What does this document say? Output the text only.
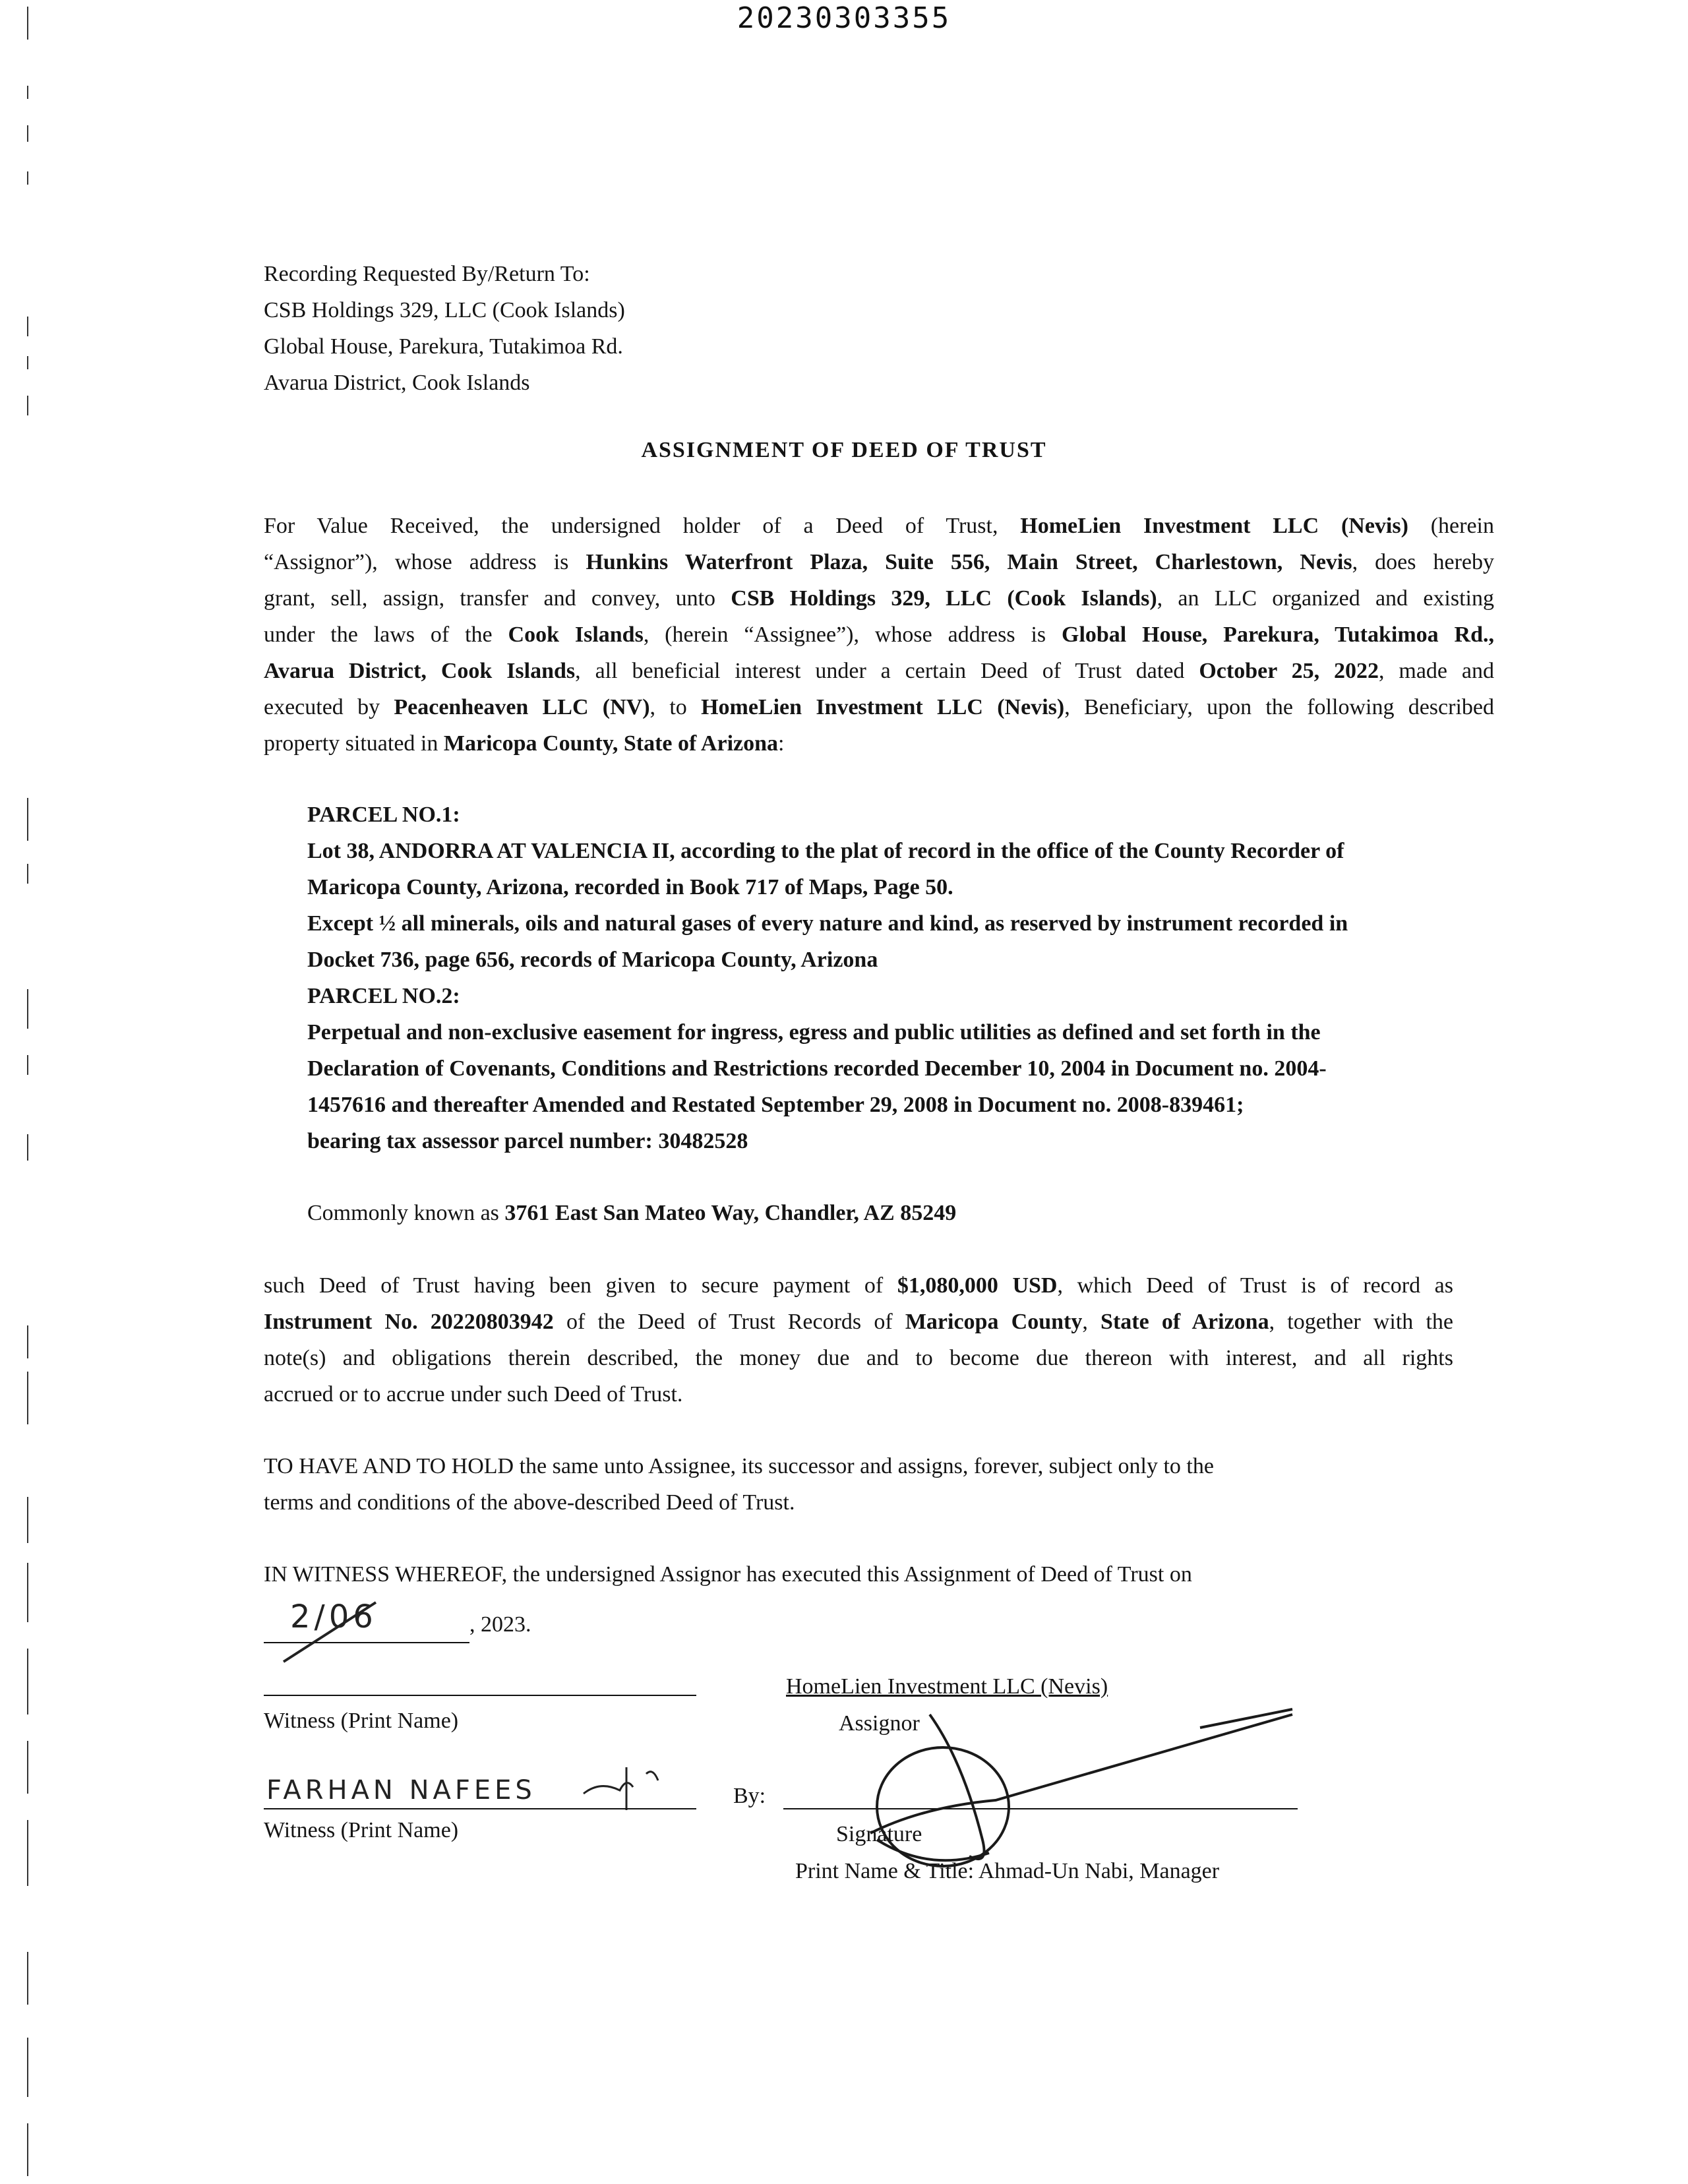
20230303355
Recording Requested By/Return To:
CSB Holdings 329, LLC (Cook Islands)
Global House, Parekura, Tutakimoa Rd.
Avarua District, Cook Islands
ASSIGNMENT OF DEED OF TRUST
For Value Received, the undersigned holder of a Deed of Trust, HomeLien Investment LLC (Nevis) (herein
“Assignor”), whose address is Hunkins Waterfront Plaza, Suite 556, Main Street, Charlestown, Nevis, does hereby
grant, sell, assign, transfer and convey, unto CSB Holdings 329, LLC (Cook Islands), an LLC organized and existing
under the laws of the Cook Islands, (herein “Assignee”), whose address is Global House, Parekura, Tutakimoa Rd.,
Avarua District, Cook Islands, all beneficial interest under a certain Deed of Trust dated October 25, 2022, made and
executed by Peacenheaven LLC (NV), to HomeLien Investment LLC (Nevis), Beneficiary, upon the following described
property situated in Maricopa County, State of Arizona:
PARCEL NO.1:
Lot 38, ANDORRA AT VALENCIA II, according to the plat of record in the office of the County Recorder of
Maricopa County, Arizona, recorded in Book 717 of Maps, Page 50.
Except ½ all minerals, oils and natural gases of every nature and kind, as reserved by instrument recorded in
Docket 736, page 656, records of Maricopa County, Arizona
PARCEL NO.2:
Perpetual and non-exclusive easement for ingress, egress and public utilities as defined and set forth in the
Declaration of Covenants, Conditions and Restrictions recorded December 10, 2004 in Document no. 2004-
1457616 and thereafter Amended and Restated September 29, 2008 in Document no. 2008-839461;
bearing tax assessor parcel number: 30482528
Commonly known as 3761 East San Mateo Way, Chandler, AZ 85249
such Deed of Trust having been given to secure payment of $1,080,000 USD, which Deed of Trust is of record as
Instrument No. 20220803942 of the Deed of Trust Records of Maricopa County, State of Arizona, together with the
note(s) and obligations therein described, the money due and to become due thereon with interest, and all rights
accrued or to accrue under such Deed of Trust.
TO HAVE AND TO HOLD the same unto Assignee, its successor and assigns, forever, subject only to the
terms and conditions of the above-described Deed of Trust.
IN WITNESS WHEREOF, the undersigned Assignor has executed this Assignment of Deed of Trust on
2/06	, 2023.
Witness (Print Name)
FARHAN NAFEES
Witness (Print Name)
HomeLien Investment LLC (Nevis)
Assignor
By:
Signature
Print Name & Title: Ahmad-Un Nabi, Manager
